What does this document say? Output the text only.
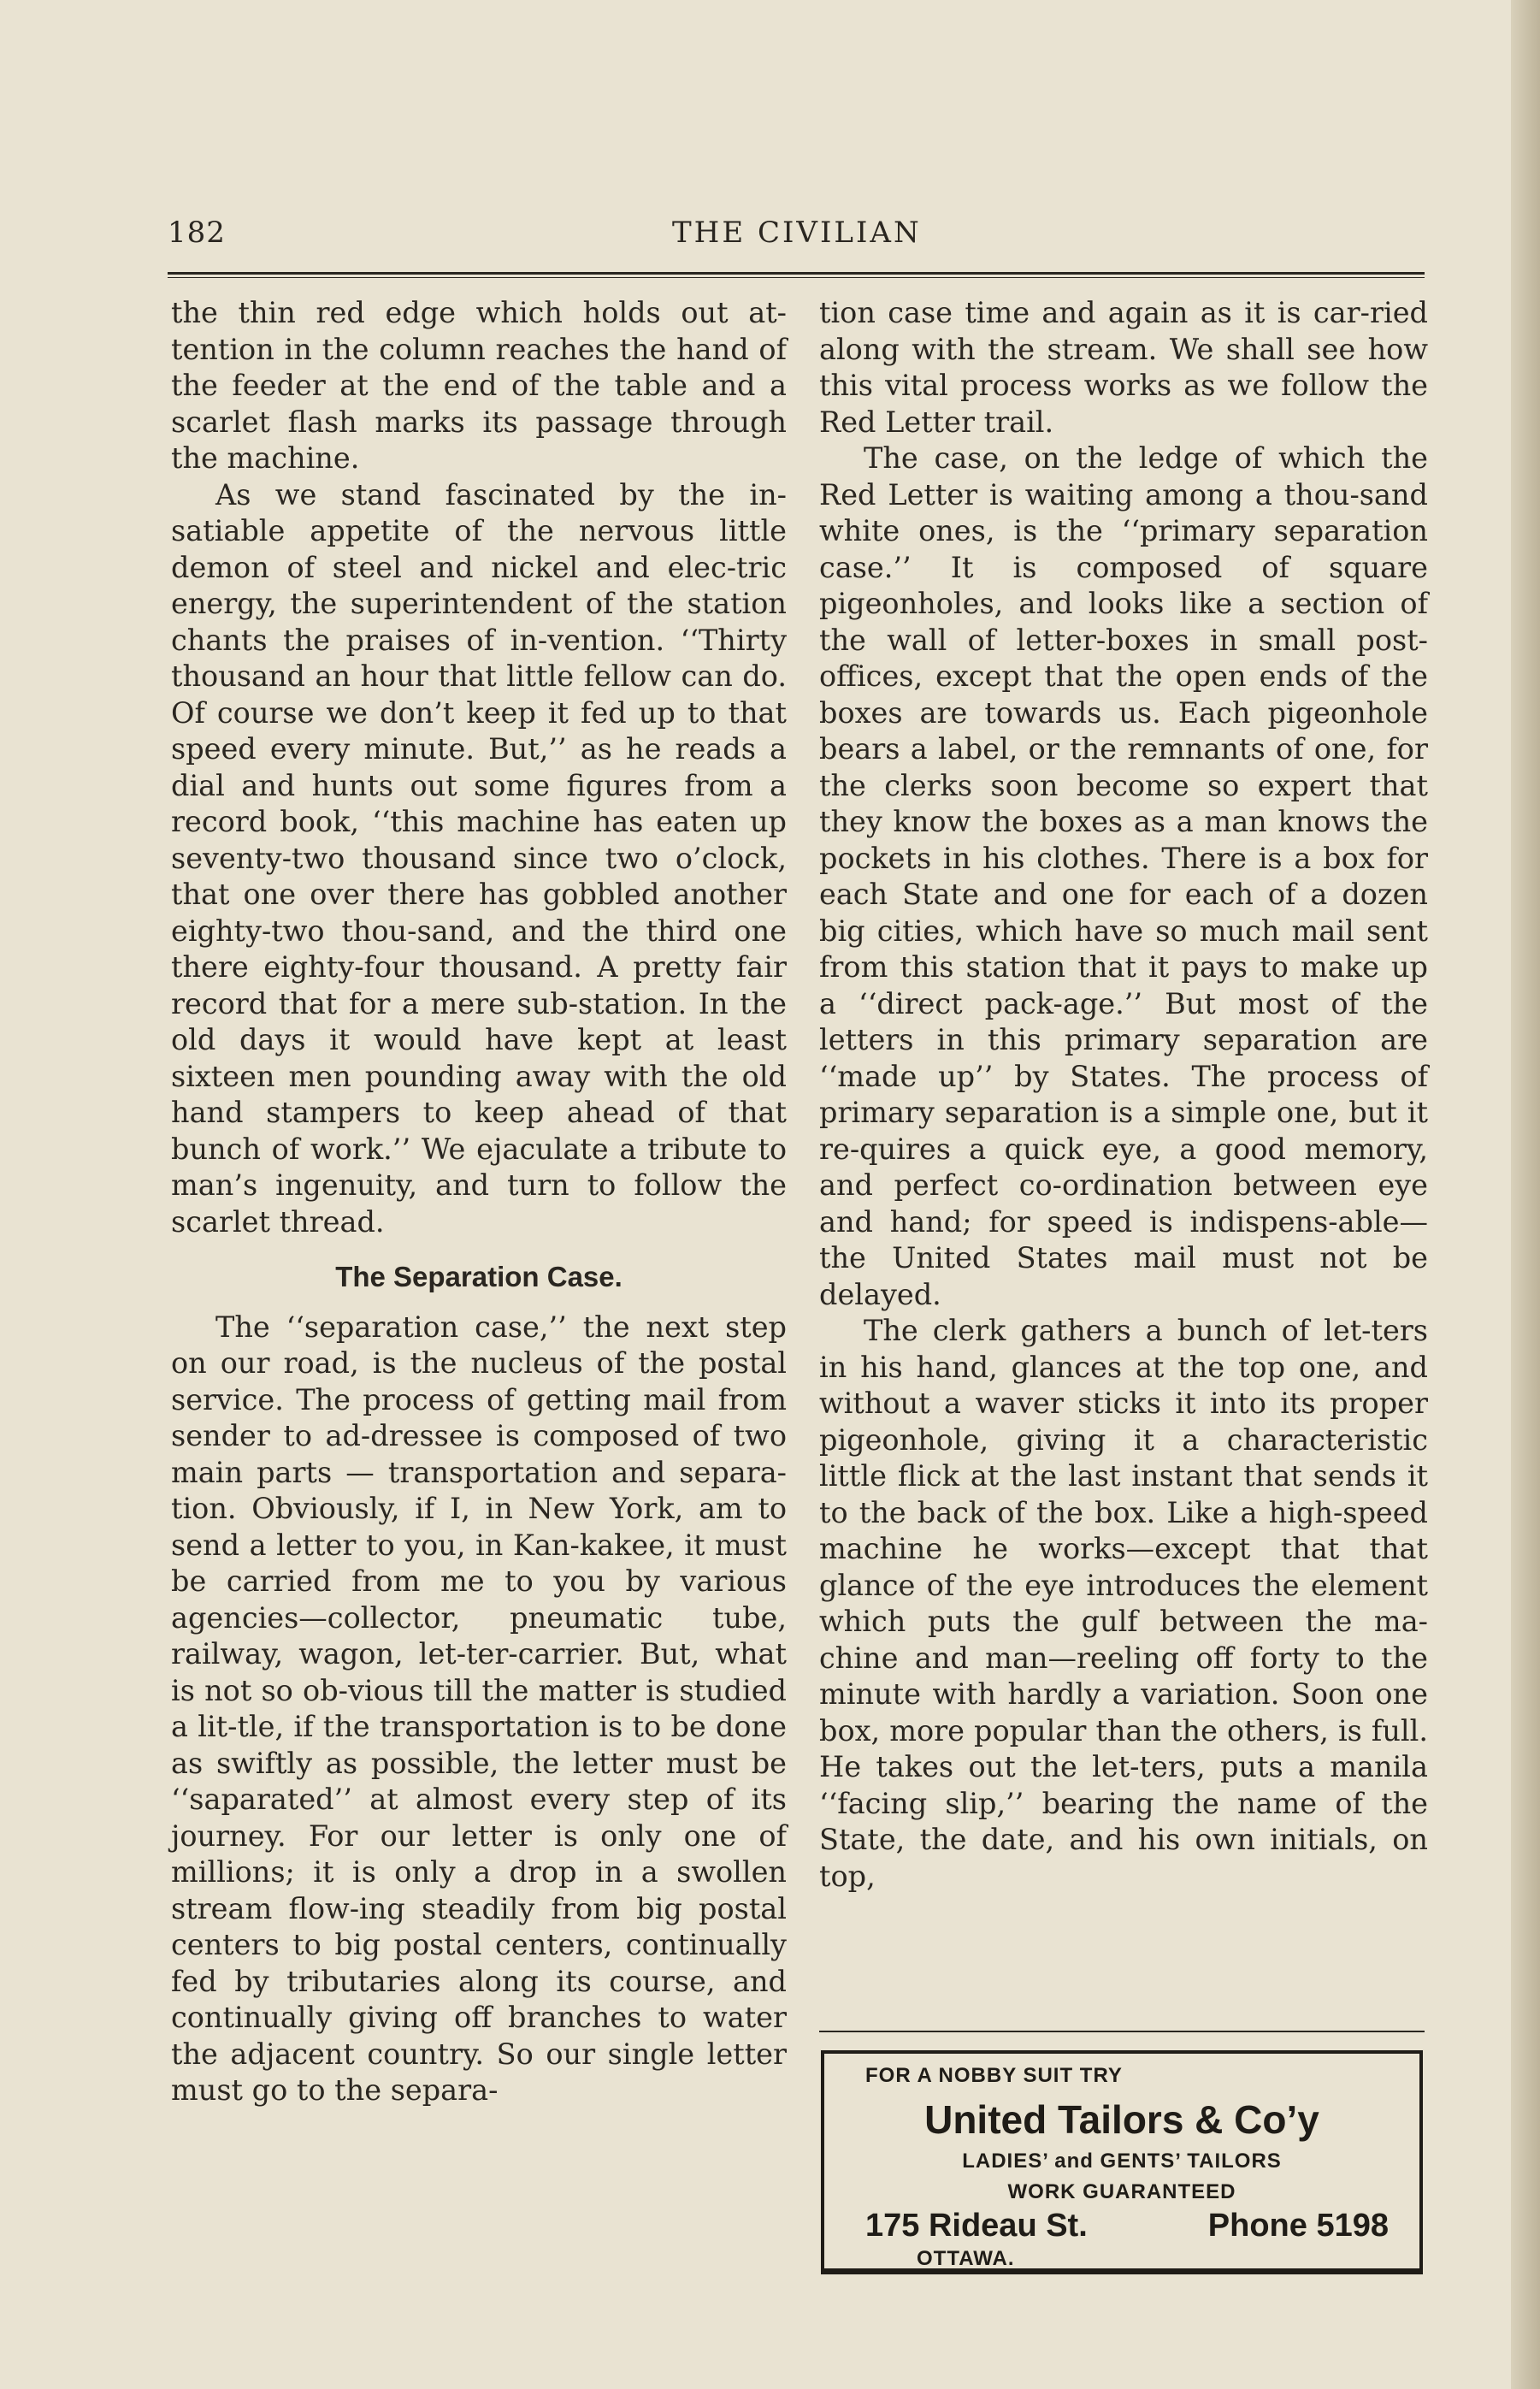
182	THE CIVILIAN

the thin red edge which holds out at-tention in the column reaches the hand of the feeder at the end of the table and a scarlet flash marks its passage through the machine.

As we stand fascinated by the in-satiable appetite of the nervous little demon of steel and nickel and elec-tric energy, the superintendent of the station chants the praises of in-vention. ‘‘Thirty thousand an hour that little fellow can do. Of course we don’t keep it fed up to that speed every minute. But,’’ as he reads a dial and hunts out some figures from a record book, ‘‘this machine has eaten up seventy-two thousand since two o’clock, that one over there has gobbled another eighty-two thou-sand, and the third one there eighty-four thousand. A pretty fair record that for a mere sub-station. In the old days it would have kept at least sixteen men pounding away with the old hand stampers to keep ahead of that bunch of work.’’ We ejaculate a tribute to man’s ingenuity, and turn to follow the scarlet thread.

The Separation Case.

The ‘‘separation case,’’ the next step on our road, is the nucleus of the postal service. The process of getting mail from sender to ad-dressee is composed of two main parts — transportation and separa-tion. Obviously, if I, in New York, am to send a letter to you, in Kan-kakee, it must be carried from me to you by various agencies—collector, pneumatic tube, railway, wagon, let-ter-carrier. But, what is not so ob-vious till the matter is studied a lit-tle, if the transportation is to be done as swiftly as possible, the letter must be ‘‘saparated’’ at almost every step of its journey. For our letter is only one of millions; it is only a drop in a swollen stream flow-ing steadily from big postal centers to big postal centers, continually fed by tributaries along its course, and continually giving off branches to water the adjacent country. So our single letter must go to the separa-

tion case time and again as it is car-ried along with the stream. We shall see how this vital process works as we follow the Red Letter trail.

The case, on the ledge of which the Red Letter is waiting among a thou-sand white ones, is the ‘‘primary separation case.’’ It is composed of square pigeonholes, and looks like a section of the wall of letter-boxes in small post-offices, except that the open ends of the boxes are towards us. Each pigeonhole bears a label, or the remnants of one, for the clerks soon become so expert that they know the boxes as a man knows the pockets in his clothes. There is a box for each State and one for each of a dozen big cities, which have so much mail sent from this station that it pays to make up a ‘‘direct pack-age.’’ But most of the letters in this primary separation are ‘‘made up’’ by States. The process of primary separation is a simple one, but it re-quires a quick eye, a good memory, and perfect co-ordination between eye and hand; for speed is indispens-able—the United States mail must not be delayed.

The clerk gathers a bunch of let-ters in his hand, glances at the top one, and without a waver sticks it into its proper pigeonhole, giving it a characteristic little flick at the last instant that sends it to the back of the box. Like a high-speed machine he works—except that that glance of the eye introduces the element which puts the gulf between the ma-chine and man—reeling off forty to the minute with hardly a variation. Soon one box, more popular than the others, is full. He takes out the let-ters, puts a manila ‘‘facing slip,’’ bearing the name of the State, the date, and his own initials, on top,

FOR A NOBBY SUIT TRY
United Tailors & Co’y
LADIES’ and GENTS’ TAILORS
WORK GUARANTEED
175 Rideau St.	Phone 5198
OTTAWA.
